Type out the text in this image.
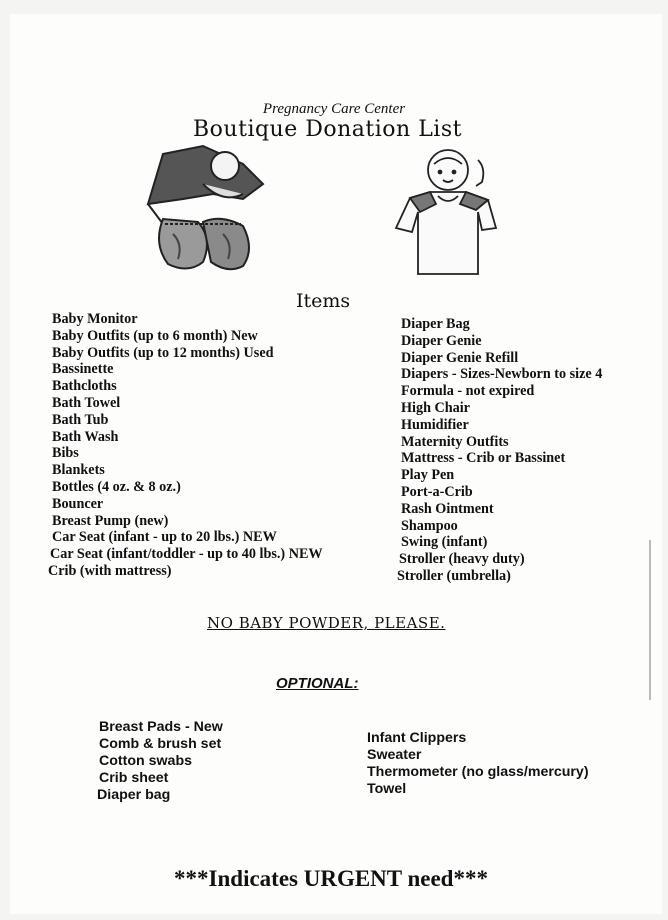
Pregnancy Care Center
Boutique Donation List
Items
Baby Monitor
Baby Outfits (up to 6 month) New
Baby Outfits (up to 12 months) Used
Bassinette
Bathcloths
Bath Towel
Bath Tub
Bath Wash
Bibs
Blankets
Bottles (4 oz. & 8 oz.)
Bouncer
Breast Pump (new)
Car Seat (infant - up to 20 lbs.) NEW
Car Seat (infant/toddler - up to 40 lbs.) NEW
Crib (with mattress)
Diaper Bag
Diaper Genie
Diaper Genie Refill
Diapers - Sizes-Newborn to size 4
Formula - not expired
High Chair
Humidifier
Maternity Outfits
Mattress - Crib or Bassinet
Play Pen
Port-a-Crib
Rash Ointment
Shampoo
Swing (infant)
Stroller (heavy duty)
Stroller (umbrella)
NO BABY POWDER, PLEASE.
OPTIONAL:
Breast Pads - New
Comb & brush set
Cotton swabs
Crib sheet
Diaper bag
Infant Clippers
Sweater
Thermometer (no glass/mercury)
Towel
***Indicates URGENT need***
